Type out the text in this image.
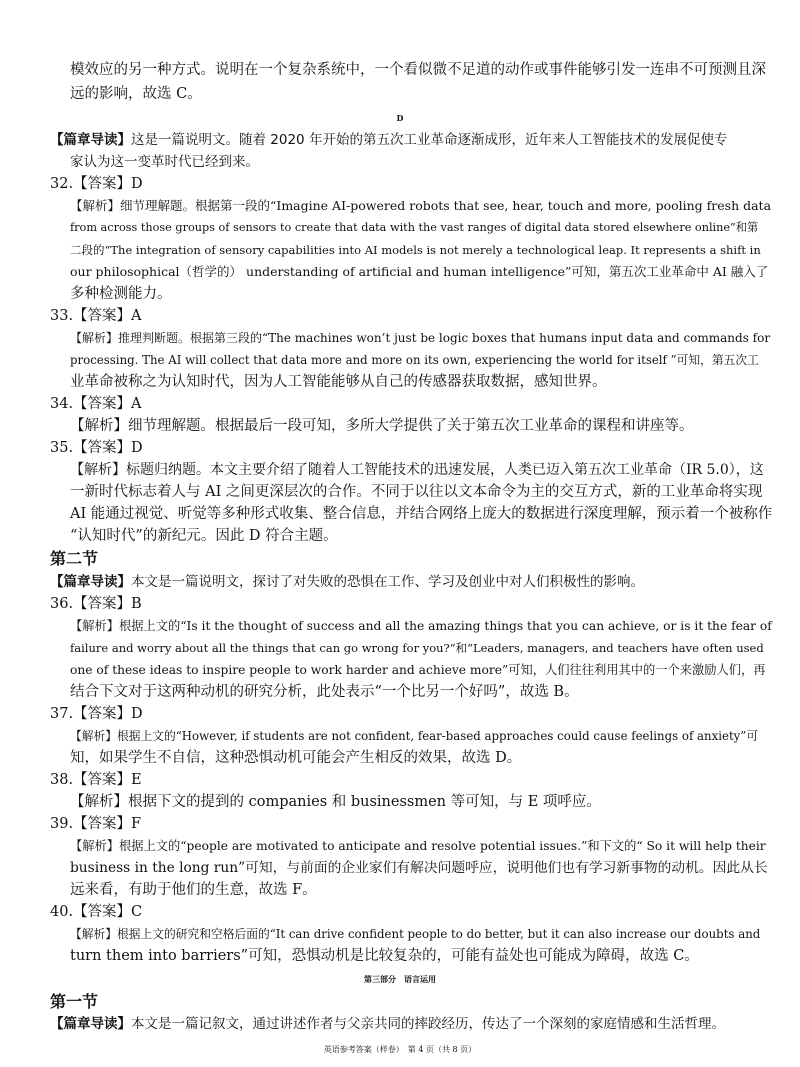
模效应的另一种方式。说明在一个复杂系统中，一个看似微不足道的动作或事件能够引发一连串不可预测且深
远的影响，故选 C。
D
【篇章导读】这是一篇说明文。随着 2020 年开始的第五次工业革命逐渐成形，近年来人工智能技术的发展促使专
家认为这一变革时代已经到来。
32.【答案】D
【解析】细节理解题。根据第一段的“Imagine AI-powered robots that see, hear, touch and more, pooling fresh data
from across those groups of sensors to create that data with the vast ranges of digital data stored elsewhere online”和第
二段的“The integration of sensory capabilities into AI models is not merely a technological leap. It represents a shift in
our philosophical（哲学的） understanding of artificial and human intelligence”可知，第五次工业革命中 AI 融入了
多种检测能力。
33.【答案】A
【解析】推理判断题。根据第三段的“The machines won’t just be logic boxes that humans input data and commands for
processing. The AI will collect that data more and more on its own, experiencing the world for itself ”可知，第五次工
业革命被称之为认知时代，因为人工智能能够从自己的传感器获取数据，感知世界。
34.【答案】A
【解析】细节理解题。根据最后一段可知，多所大学提供了关于第五次工业革命的课程和讲座等。
35.【答案】D
【解析】标题归纳题。本文主要介绍了随着人工智能技术的迅速发展，人类已迈入第五次工业革命（IR 5.0），这
一新时代标志着人与 AI 之间更深层次的合作。不同于以往以文本命令为主的交互方式，新的工业革命将实现
AI 能通过视觉、听觉等多种形式收集、整合信息，并结合网络上庞大的数据进行深度理解，预示着一个被称作
“认知时代”的新纪元。因此 D 符合主题。
第二节
【篇章导读】本文是一篇说明文，探讨了对失败的恐惧在工作、学习及创业中对人们积极性的影响。
36.【答案】B
【解析】根据上文的“Is it the thought of success and all the amazing things that you can achieve, or is it the fear of
failure and worry about all the things that can go wrong for you?”和“Leaders, managers, and teachers have often used
one of these ideas to inspire people to work harder and achieve more”可知，人们往往利用其中的一个来激励人们，再
结合下文对于这两种动机的研究分析，此处表示“一个比另一个好吗”，故选 B。
37.【答案】D
【解析】根据上文的“However, if students are not confident, fear-based approaches could cause feelings of anxiety”可
知，如果学生不自信，这种恐惧动机可能会产生相反的效果，故选 D。
38.【答案】E
【解析】根据下文的提到的 companies 和 businessmen 等可知，与 E 项呼应。
39.【答案】F
【解析】根据上文的“people are motivated to anticipate and resolve potential issues.”和下文的“ So it will help their
business in the long run”可知，与前面的企业家们有解决问题呼应，说明他们也有学习新事物的动机。因此从长
远来看，有助于他们的生意，故选 F。
40.【答案】C
【解析】根据上文的研究和空格后面的“It can drive confident people to do better, but it can also increase our doubts and
turn them into barriers”可知，恐惧动机是比较复杂的，可能有益处也可能成为障碍，故选 C。
第三部分　语言运用
第一节
【篇章导读】本文是一篇记叙文，通过讲述作者与父亲共同的摔跤经历，传达了一个深刻的家庭情感和生活哲理。
英语参考答案（样卷）　第 4 页（共 8 页）
